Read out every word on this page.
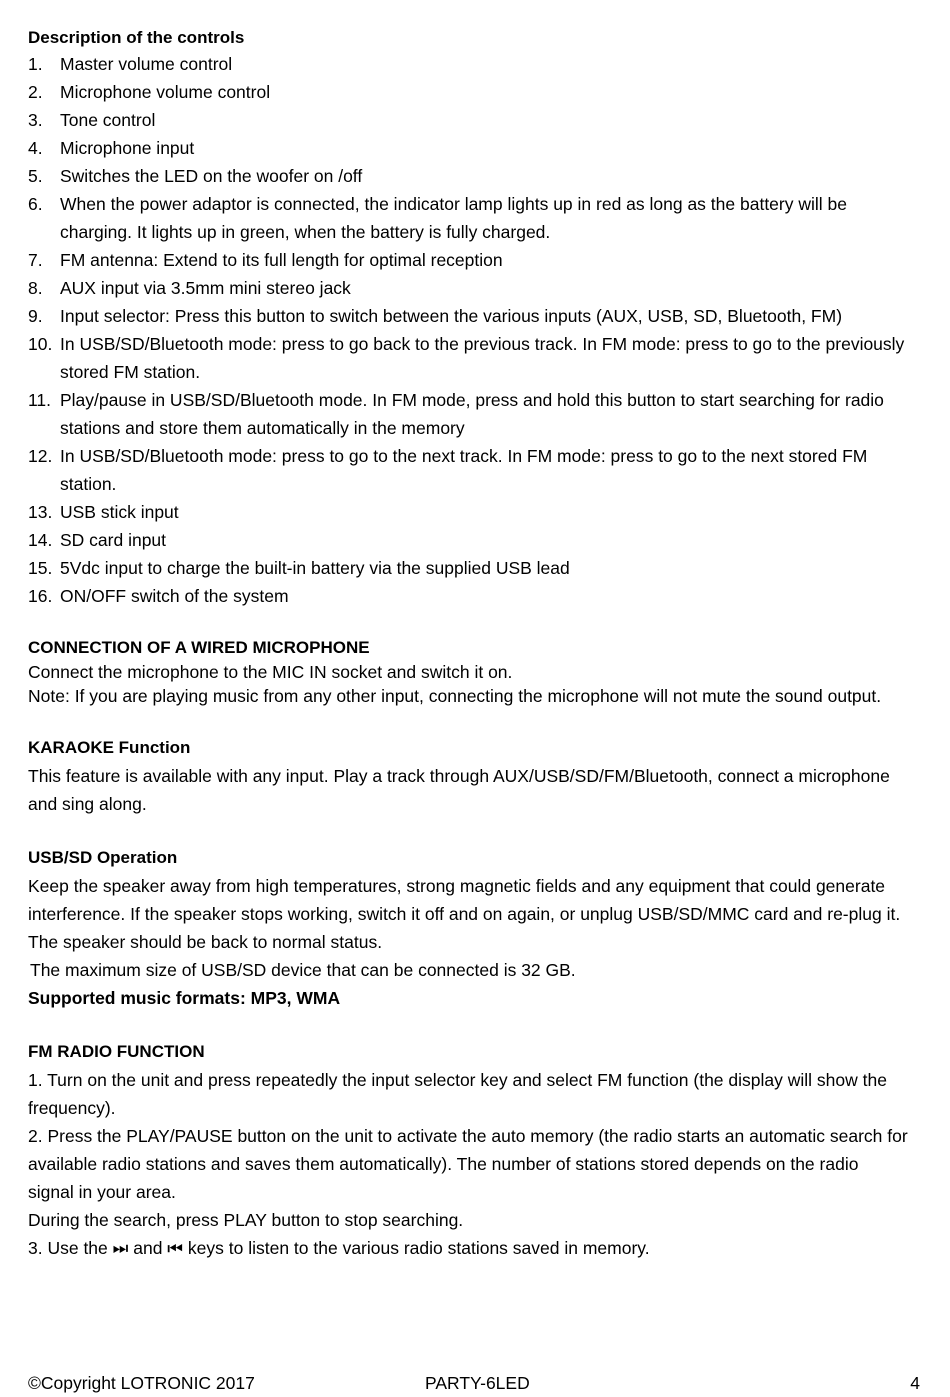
Description of the controls
1. Master volume control
2. Microphone volume control
3. Tone control
4. Microphone input
5. Switches the LED on the woofer on /off
6. When the power adaptor is connected, the indicator lamp lights up in red as long as the battery will be charging. It lights up in green, when the battery is fully charged.
7. FM antenna: Extend to its full length for optimal reception
8. AUX input via 3.5mm mini stereo jack
9. Input selector: Press this button to switch between the various inputs (AUX, USB, SD, Bluetooth, FM)
10. In USB/SD/Bluetooth mode: press to go back to the previous track. In FM mode: press to go to the previously stored FM station.
11. Play/pause in USB/SD/Bluetooth mode. In FM mode, press and hold this button to start searching for radio stations and store them automatically in the memory
12. In USB/SD/Bluetooth mode: press to go to the next track. In FM mode: press to go to the next stored FM station.
13. USB stick input
14. SD card input
15. 5Vdc input to charge the built-in battery via the supplied USB lead
16. ON/OFF switch of the system
CONNECTION OF A WIRED MICROPHONE

Connect the microphone to the MIC IN socket and switch it on.

Note: If you are playing music from any other input, connecting the microphone will not mute the sound output.

KARAOKE Function

This feature is available with any input. Play a track through AUX/USB/SD/FM/Bluetooth, connect a microphone and sing along.

USB/SD Operation

Keep the speaker away from high temperatures, strong magnetic fields and any equipment that could generate interference. If the speaker stops working, switch it off and on again, or unplug USB/SD/MMC card and re-plug it. The speaker should be back to normal status.

The maximum size of USB/SD device that can be connected is 32 GB.

Supported music formats: MP3, WMA

FM RADIO FUNCTION

1. Turn on the unit and press repeatedly the input selector key and select FM function (the display will show the frequency).

2. Press the PLAY/PAUSE button on the unit to activate the auto memory (the radio starts an automatic search for available radio stations and saves them automatically). The number of stations stored depends on the radio signal in your area.

During the search, press PLAY button to stop searching.

3. Use the ⏭ and ⏮ keys to listen to the various radio stations saved in memory.

©Copyright LOTRONIC 2017	PARTY-6LED	4
